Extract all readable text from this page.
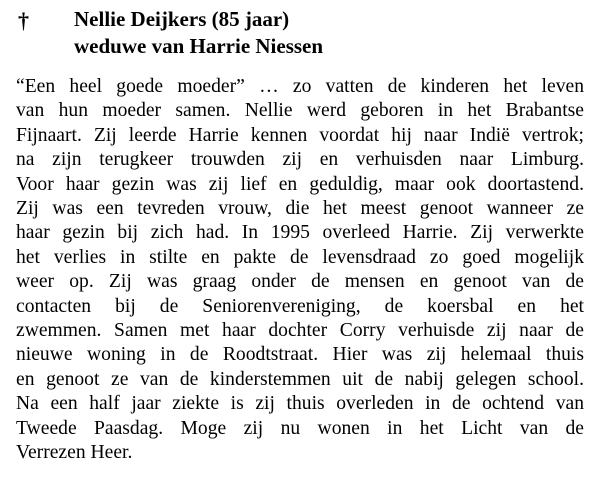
† Nellie Deijkers (85 jaar)
weduwe van Harrie Niessen
“Een heel goede moeder” … zo vatten de kinderen het leven
van hun moeder samen. Nellie werd geboren in het Brabantse
Fijnaart. Zij leerde Harrie kennen voordat hij naar Indië vertrok;
na zijn terugkeer trouwden zij en verhuisden naar Limburg.
Voor haar gezin was zij lief en geduldig, maar ook doortastend.
Zij was een tevreden vrouw, die het meest genoot wanneer ze
haar gezin bij zich had. In 1995 overleed Harrie. Zij verwerkte
het verlies in stilte en pakte de levensdraad zo goed mogelijk
weer op. Zij was graag onder de mensen en genoot van de
contacten bij de Seniorenvereniging, de koersbal en het
zwemmen. Samen met haar dochter Corry verhuisde zij naar de
nieuwe woning in de Roodtstraat. Hier was zij helemaal thuis
en genoot ze van de kinderstemmen uit de nabij gelegen school.
Na een half jaar ziekte is zij thuis overleden in de ochtend van
Tweede Paasdag. Moge zij nu wonen in het Licht van de
Verrezen Heer.
